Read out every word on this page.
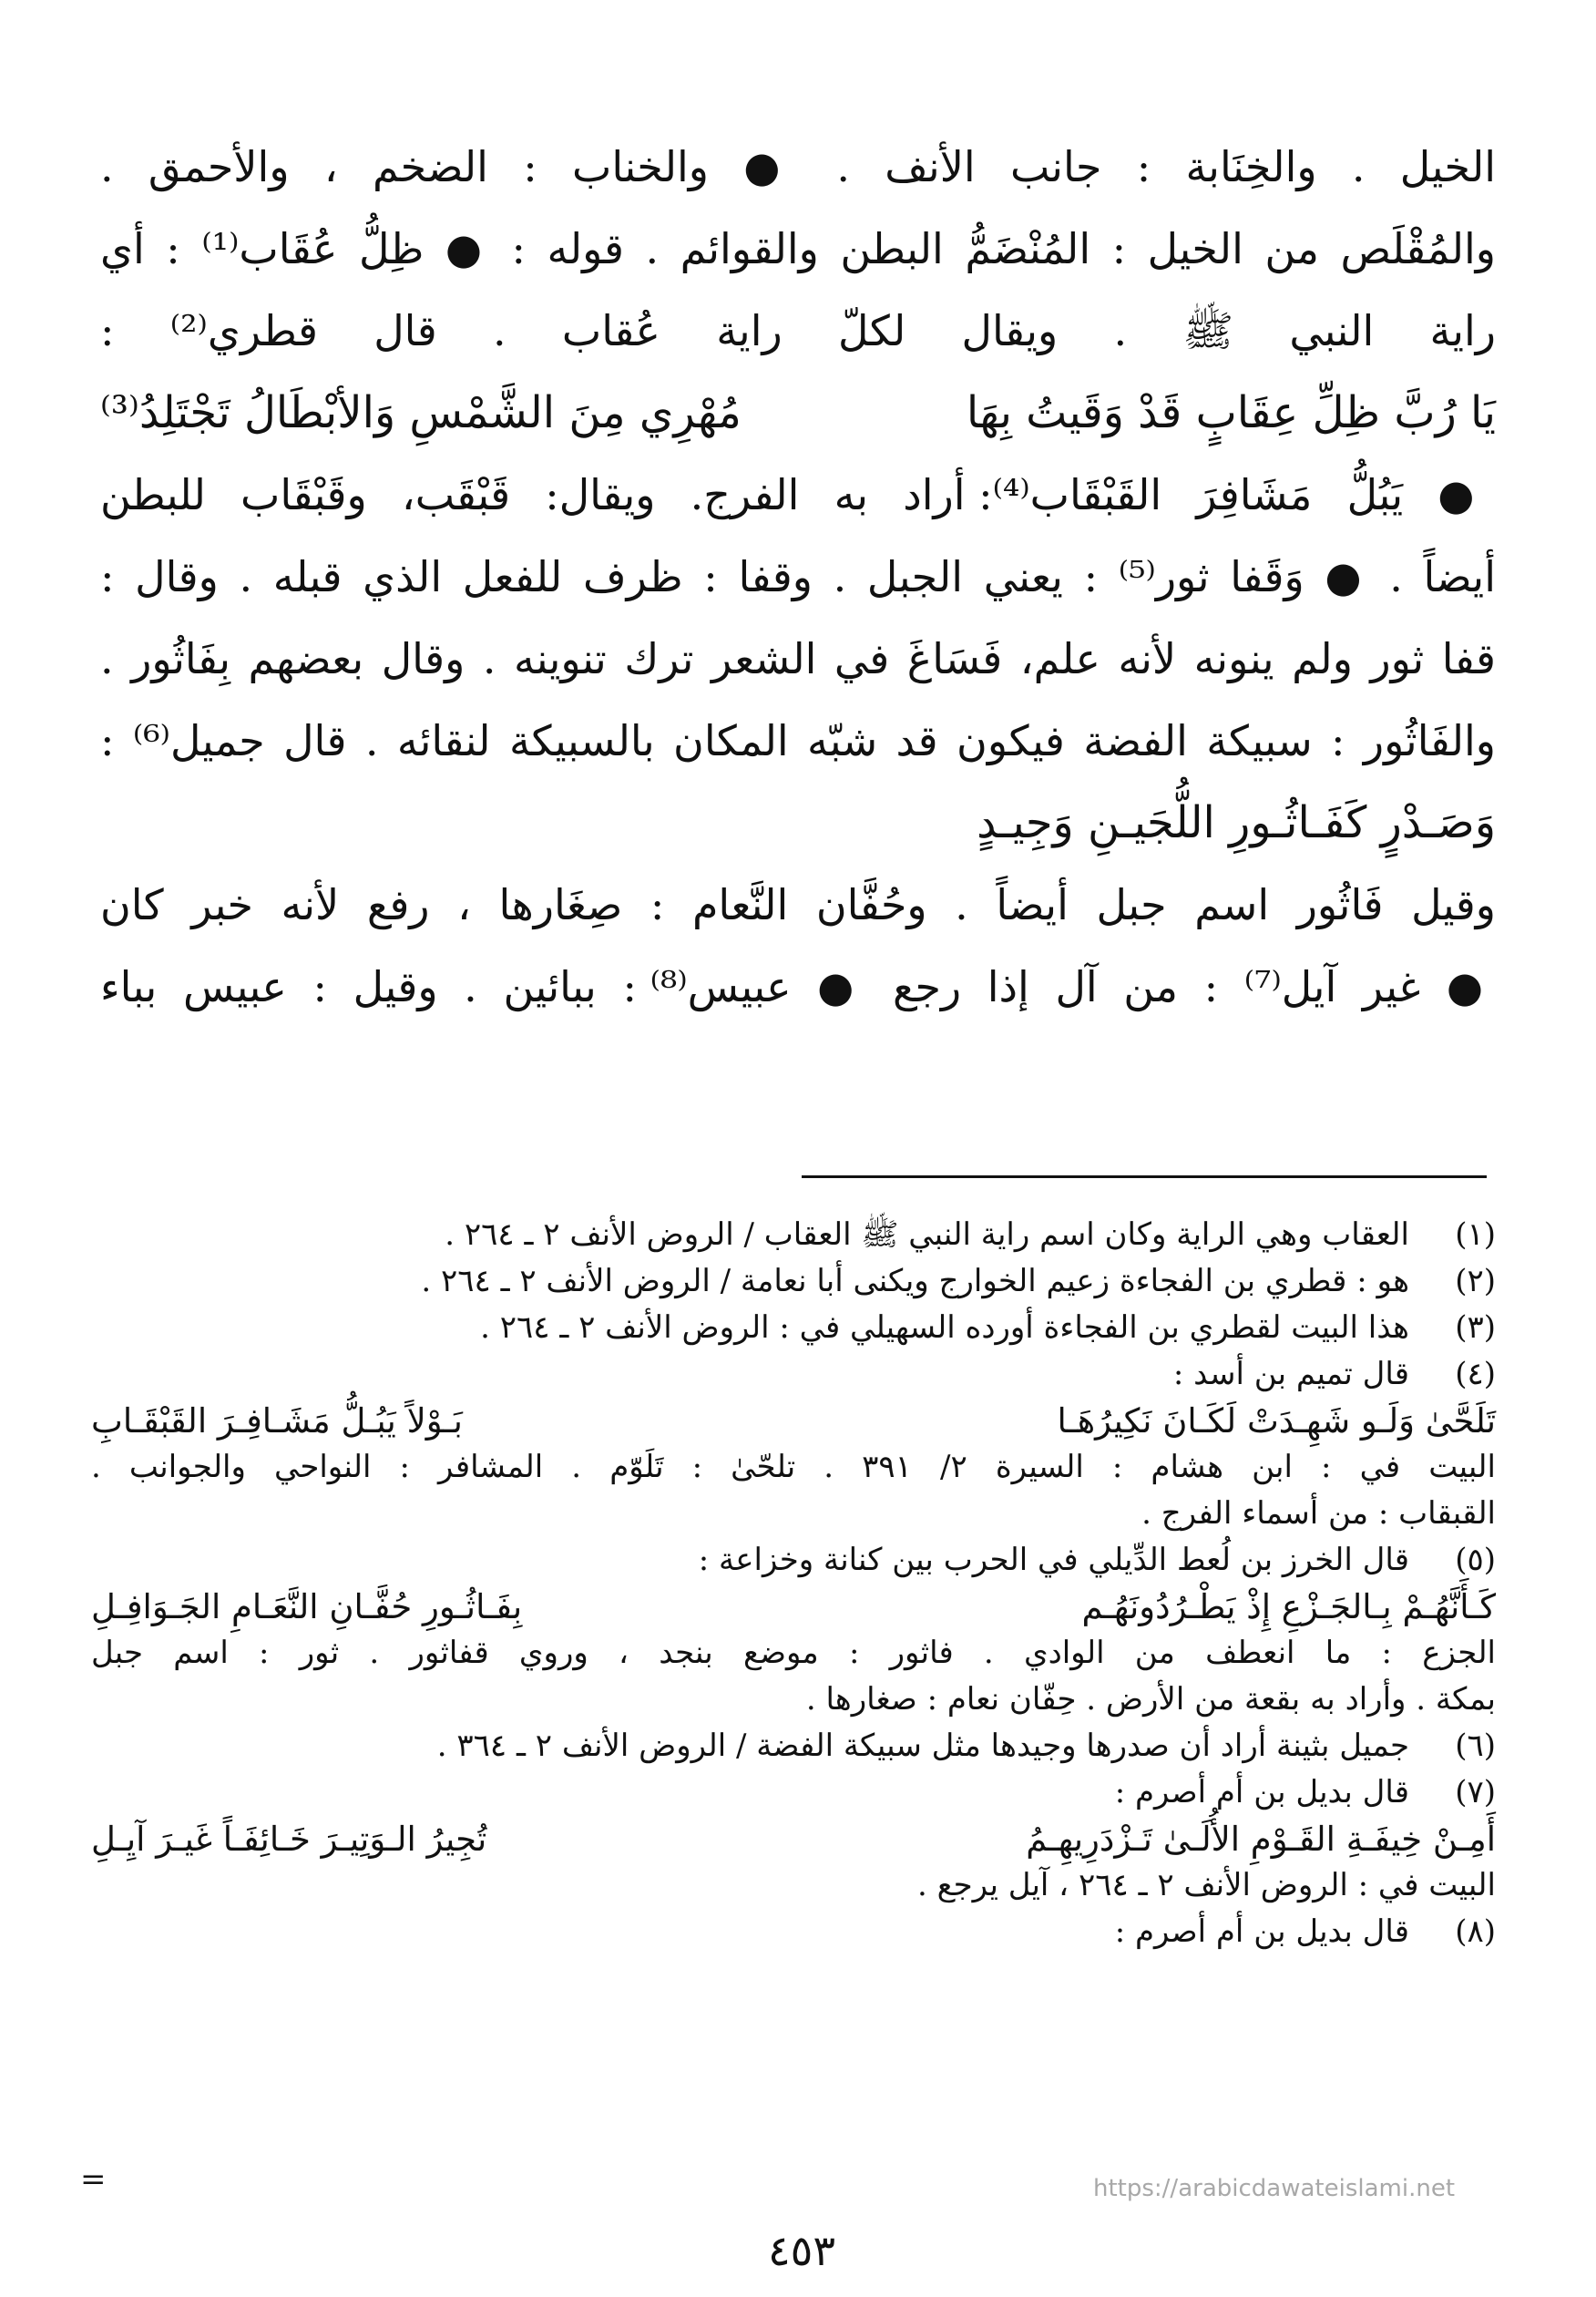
الخيل . والخِنَابة : جانب الأنف . ● والخناب : الضخم ، والأحمق .
والمُقْلَص من الخيل : المُنْضَمُّ البطن والقوائم . قوله : ● ظِلُّ عُقَاب⁽¹⁾ : أي
راية النبي ﷺ . ويقال لكلّ راية عُقاب . قال قطري⁽²⁾ :
يَا رُبَّ ظِلِّ عِقَابٍ قَدْ وَقَيتُ بِهَا
مُهْرِي مِنَ الشَّمْسِ وَالأبْطَالُ تَجْتَلِدُ⁽³⁾
● يَبُلُّ مَشَافِرَ القَبْقَاب⁽⁴⁾: أراد به الفرج. ويقال: قَبْقَب، وقَبْقَاب للبطن
أيضاً . ● وَقَفا ثور⁽⁵⁾ : يعني الجبل . وقفا : ظرف للفعل الذي قبله . وقال :
قفا ثور ولم ينونه لأنه علم، فَسَاغَ في الشعر ترك تنوينه . وقال بعضهم بِفَاثُور .
والفَاثُور : سبيكة الفضة فيكون قد شبّه المكان بالسبيكة لنقائه . قال جميل⁽⁶⁾ :
وَصَـدْرٍ كَفَـاثُـورِ اللُّجَيـنِ وَجِيـدٍ
وقيل فَاثُور اسم جبل أيضاً . وحُفَّان النَّعام : صِغَارها ، رفع لأنه خبر كان
● غير آيل⁽⁷⁾ : من آل إذا رجع ● عبيس⁽⁸⁾ : ببائين . وقيل : عبيس بباء
(١)
العقاب وهي الراية وكان اسم راية النبي ﷺ العقاب / الروض الأنف ٢ ـ ٢٦٤ .
(٢)
هو : قطري بن الفجاءة زعيم الخوارج ويكنى أبا نعامة / الروض الأنف ٢ ـ ٢٦٤ .
(٣)
هذا البيت لقطري بن الفجاءة أورده السهيلي في : الروض الأنف ٢ ـ ٢٦٤ .
(٤)
قال تميم بن أسد :
تَلَحَّىٰ وَلَـو شَهِـدَتْ لَكَـانَ نَكِيرُهَـا
بَـوْلاً يَبُـلُّ مَشَـافِـرَ القَبْقَـابِ
البيت في : ابن هشام : السيرة ٢/ ٣٩١ . تلحّىٰ : تَلَوّم . المشافر : النواحي والجوانب .
القبقاب : من أسماء الفرج .
(٥)
قال الخرز بن لُعط الدِّيلي في الحرب بين كنانة وخزاعة :
كَـأَنَّهُـمْ بِـالجَـزْعِ إِذْ يَطْـرُدُونَهُـم
بِفَـاثُـورِ حُفَّـانِ النَّعَـامِ الجَـوَافِـلِ
الجزع : ما انعطف من الوادي . فاثور : موضع بنجد ، وروي قفاثور . ثور : اسم جبل
بمكة . وأراد به بقعة من الأرض . حِفّان نعام : صغارها .
(٦)
جميل بثينة أراد أن صدرها وجيدها مثل سبيكة الفضة / الروض الأنف ٢ ـ ٣٦٤ .
(٧)
قال بديل بن أم أصرم :
أَمِـنْ خِيفَـةِ القَـوْمِ الأُلَـىٰ تَـزْدَرِيهِـمُ
تُجِيرُ الـوَتِيـرَ خَـائِفَـاً غَيـرَ آيِـلِ
البيت في : الروض الأنف ٢ ـ ٢٦٤ ، آيل يرجع .
(٨)
قال بديل بن أم أصرم :
=	https://arabicdawateislami.net
٤٥٣
